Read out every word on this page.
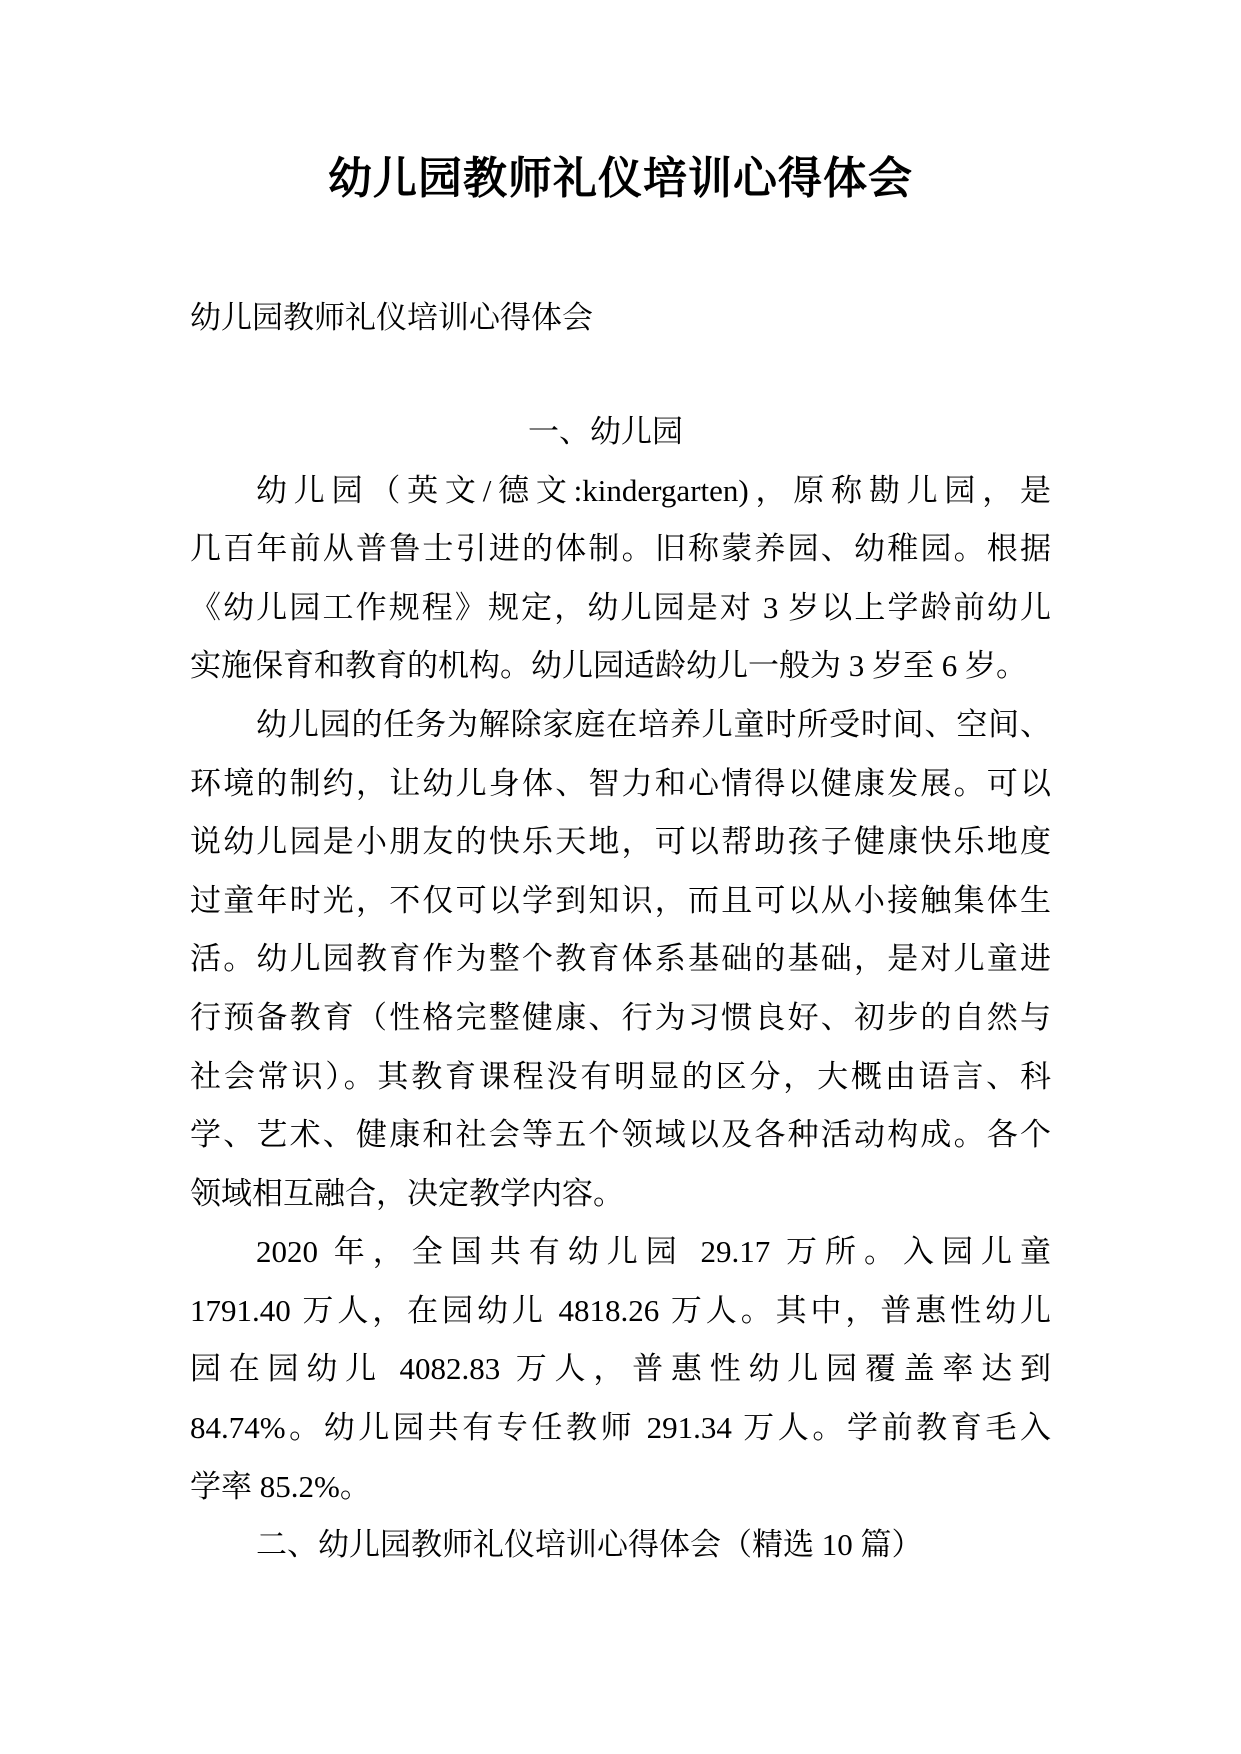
幼儿园教师礼仪培训心得体会
幼儿园教师礼仪培训心得体会
一、幼儿园
幼儿园（英文/德文:kindergarten)，原称勘儿园，是
几百年前从普鲁士引进的体制。旧称蒙养园、幼稚园。根据
《幼儿园工作规程》规定，幼儿园是对 3 岁以上学龄前幼儿
实施保育和教育的机构。幼儿园适龄幼儿一般为 3 岁至 6 岁。
幼儿园的任务为解除家庭在培养儿童时所受时间、空间、
环境的制约，让幼儿身体、智力和心情得以健康发展。可以
说幼儿园是小朋友的快乐天地，可以帮助孩子健康快乐地度
过童年时光，不仅可以学到知识，而且可以从小接触集体生
活。幼儿园教育作为整个教育体系基础的基础，是对儿童进
行预备教育（性格完整健康、行为习惯良好、初步的自然与
社会常识）。其教育课程没有明显的区分，大概由语言、科
学、艺术、健康和社会等五个领域以及各种活动构成。各个
领域相互融合，决定教学内容。
2020 年，全国共有幼儿园 29.17 万所。入园儿童
1791.40 万人，在园幼儿 4818.26 万人。其中，普惠性幼儿
园在园幼儿 4082.83 万人，普惠性幼儿园覆盖率达到
84.74%。幼儿园共有专任教师 291.34 万人。学前教育毛入
学率 85.2%。
二、幼儿园教师礼仪培训心得体会（精选 10 篇）
